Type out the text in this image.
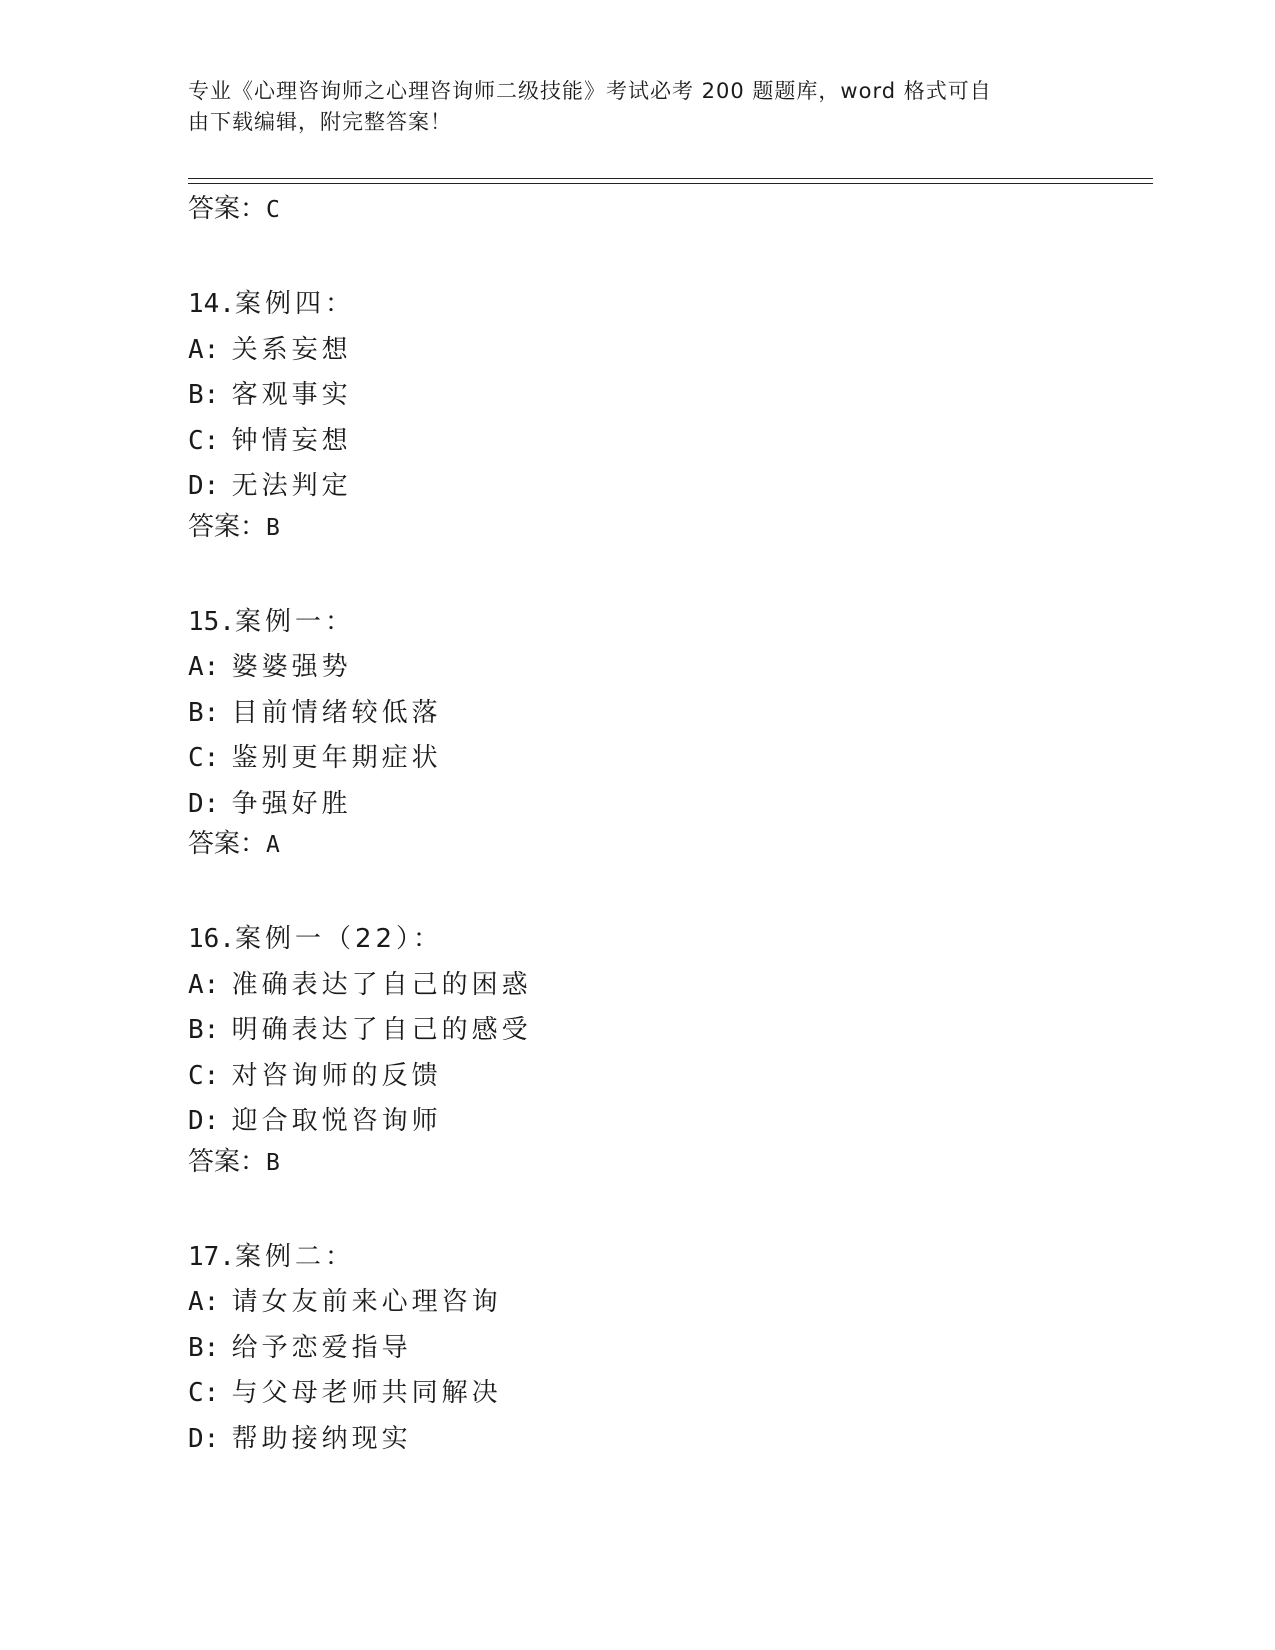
专业《心理咨询师之心理咨询师二级技能》考试必考 200 题题库，word 格式可自
由下载编辑，附完整答案！
答案：C
14.案例四：
A: 关系妄想
B: 客观事实
C: 钟情妄想
D: 无法判定
答案：B
15.案例一：
A: 婆婆强势
B: 目前情绪较低落
C: 鉴别更年期症状
D: 争强好胜
答案：A
16.案例一（22）：
A: 准确表达了自己的困惑
B: 明确表达了自己的感受
C: 对咨询师的反馈
D: 迎合取悦咨询师
答案：B
17.案例二：
A: 请女友前来心理咨询
B: 给予恋爱指导
C: 与父母老师共同解决
D: 帮助接纳现实
